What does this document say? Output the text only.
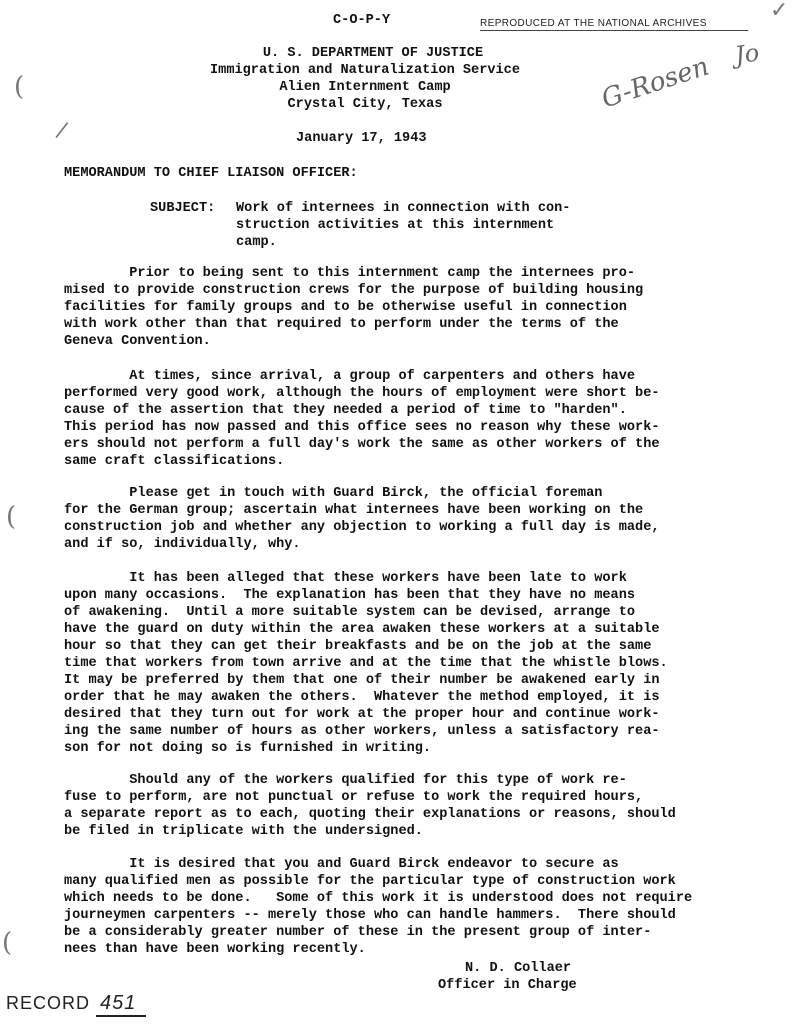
REPRODUCED AT THE NATIONAL ARCHIVES
C-O-P-Y
U. S. DEPARTMENT OF JUSTICE
Immigration and Naturalization Service
Alien Internment Camp
Crystal City, Texas	G-Rosen Jo
✓
(
/
(
(
January 17, 1943
MEMORANDUM TO CHIEF LIAISON OFFICER:
SUBJECT: Work of internees in connection with con-
struction activities at this internment
camp.
Prior to being sent to this internment camp the internees pro-
mised to provide construction crews for the purpose of building housing
facilities for family groups and to be otherwise useful in connection
with work other than that required to perform under the terms of the
Geneva Convention.
At times, since arrival, a group of carpenters and others have
performed very good work, although the hours of employment were short be-
cause of the assertion that they needed a period of time to "harden".
This period has now passed and this office sees no reason why these work-
ers should not perform a full day's work the same as other workers of the
same craft classifications.
Please get in touch with Guard Birck, the official foreman
for the German group; ascertain what internees have been working on the
construction job and whether any objection to working a full day is made,
and if so, individually, why.
It has been alleged that these workers have been late to work
upon many occasions.  The explanation has been that they have no means
of awakening.  Until a more suitable system can be devised, arrange to
have the guard on duty within the area awaken these workers at a suitable
hour so that they can get their breakfasts and be on the job at the same
time that workers from town arrive and at the time that the whistle blows.
It may be preferred by them that one of their number be awakened early in
order that he may awaken the others.  Whatever the method employed, it is
desired that they turn out for work at the proper hour and continue work-
ing the same number of hours as other workers, unless a satisfactory rea-
son for not doing so is furnished in writing.
Should any of the workers qualified for this type of work re-
fuse to perform, are not punctual or refuse to work the required hours,
a separate report as to each, quoting their explanations or reasons, should
be filed in triplicate with the undersigned.
It is desired that you and Guard Birck endeavor to secure as
many qualified men as possible for the particular type of construction work
which needs to be done.   Some of this work it is understood does not require
journeymen carpenters -- merely those who can handle hammers.  There should
be a considerably greater number of these in the present group of inter-
nees than have been working recently.
N. D. Collaer
Officer in Charge
RECORD 451
